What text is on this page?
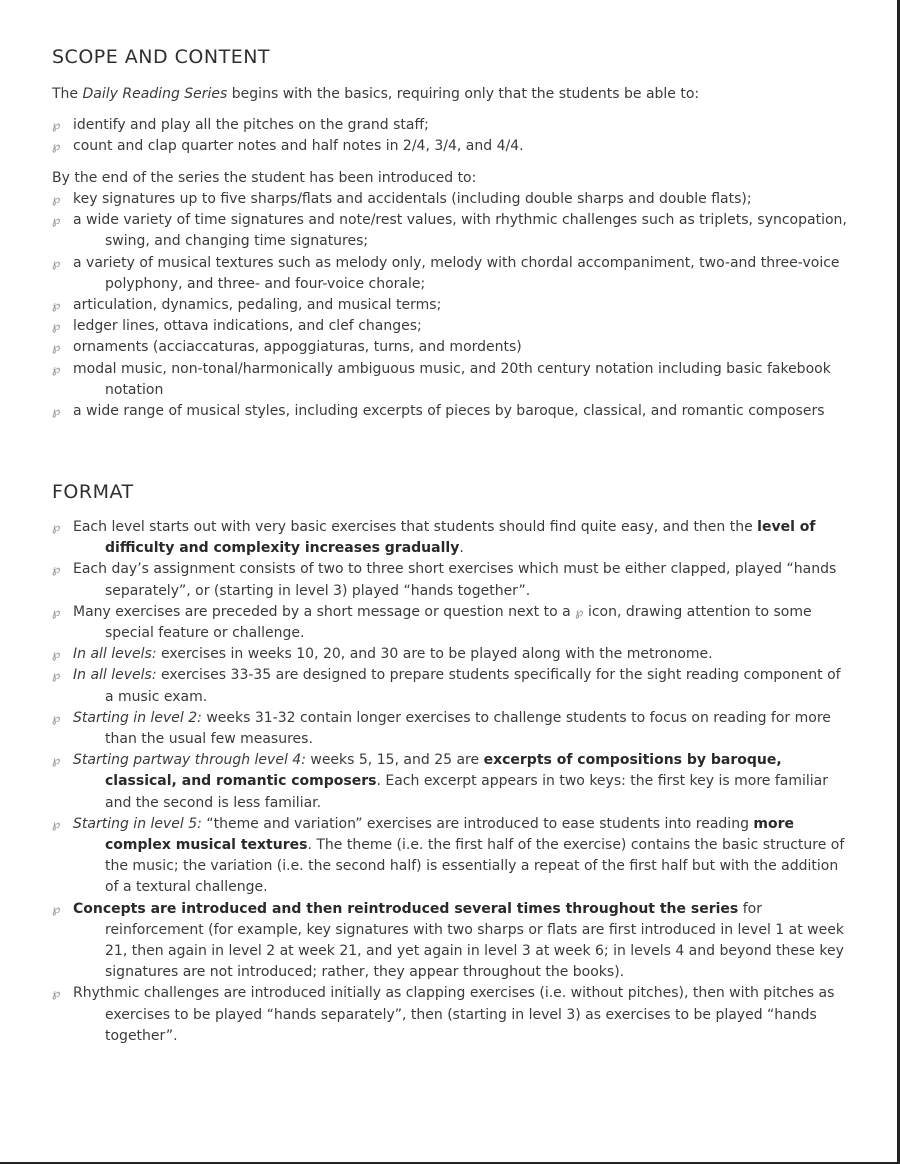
SCOPE AND CONTENT

The Daily Reading Series begins with the basics, requiring only that the students be able to:

℘ identify and play all the pitches on the grand staff;
℘ count and clap quarter notes and half notes in 2/4, 3/4, and 4/4.

By the end of the series the student has been introduced to:

℘ key signatures up to five sharps/flats and accidentals (including double sharps and double flats);
℘ a wide variety of time signatures and note/rest values, with rhythmic challenges such as triplets, syncopation, swing, and changing time signatures;
℘ a variety of musical textures such as melody only, melody with chordal accompaniment, two-and three-voice polyphony, and three- and four-voice chorale;
℘ articulation, dynamics, pedaling, and musical terms;
℘ ledger lines, ottava indications, and clef changes;
℘ ornaments (acciaccaturas, appoggiaturas, turns, and mordents)
℘ modal music, non-tonal/harmonically ambiguous music, and 20th century notation including basic fakebook notation
℘ a wide range of musical styles, including excerpts of pieces by baroque, classical, and romantic composers
FORMAT
℘ Each level starts out with very basic exercises that students should find quite easy, and then the level of difficulty and complexity increases gradually.
℘ Each day’s assignment consists of two to three short exercises which must be either clapped, played “hands separately”, or (starting in level 3) played “hands together”.
℘ Many exercises are preceded by a short message or question next to a ℘ icon, drawing attention to some special feature or challenge.
℘ In all levels: exercises in weeks 10, 20, and 30 are to be played along with the metronome.
℘ In all levels: exercises 33-35 are designed to prepare students specifically for the sight reading component of a music exam.
℘ Starting in level 2: weeks 31-32 contain longer exercises to challenge students to focus on reading for more than the usual few measures.
℘ Starting partway through level 4: weeks 5, 15, and 25 are excerpts of compositions by baroque, classical, and romantic composers. Each excerpt appears in two keys: the first key is more familiar and the second is less familiar.
℘ Starting in level 5: “theme and variation” exercises are introduced to ease students into reading more complex musical textures. The theme (i.e. the first half of the exercise) contains the basic structure of the music; the variation (i.e. the second half) is essentially a repeat of the first half but with the addition of a textural challenge.
℘ Concepts are introduced and then reintroduced several times throughout the series for reinforcement (for example, key signatures with two sharps or flats are first introduced in level 1 at week 21, then again in level 2 at week 21, and yet again in level 3 at week 6; in levels 4 and beyond these key signatures are not introduced; rather, they appear throughout the books).
℘ Rhythmic challenges are introduced initially as clapping exercises (i.e. without pitches), then with pitches as exercises to be played “hands separately”, then (starting in level 3) as exercises to be played “hands together”.
